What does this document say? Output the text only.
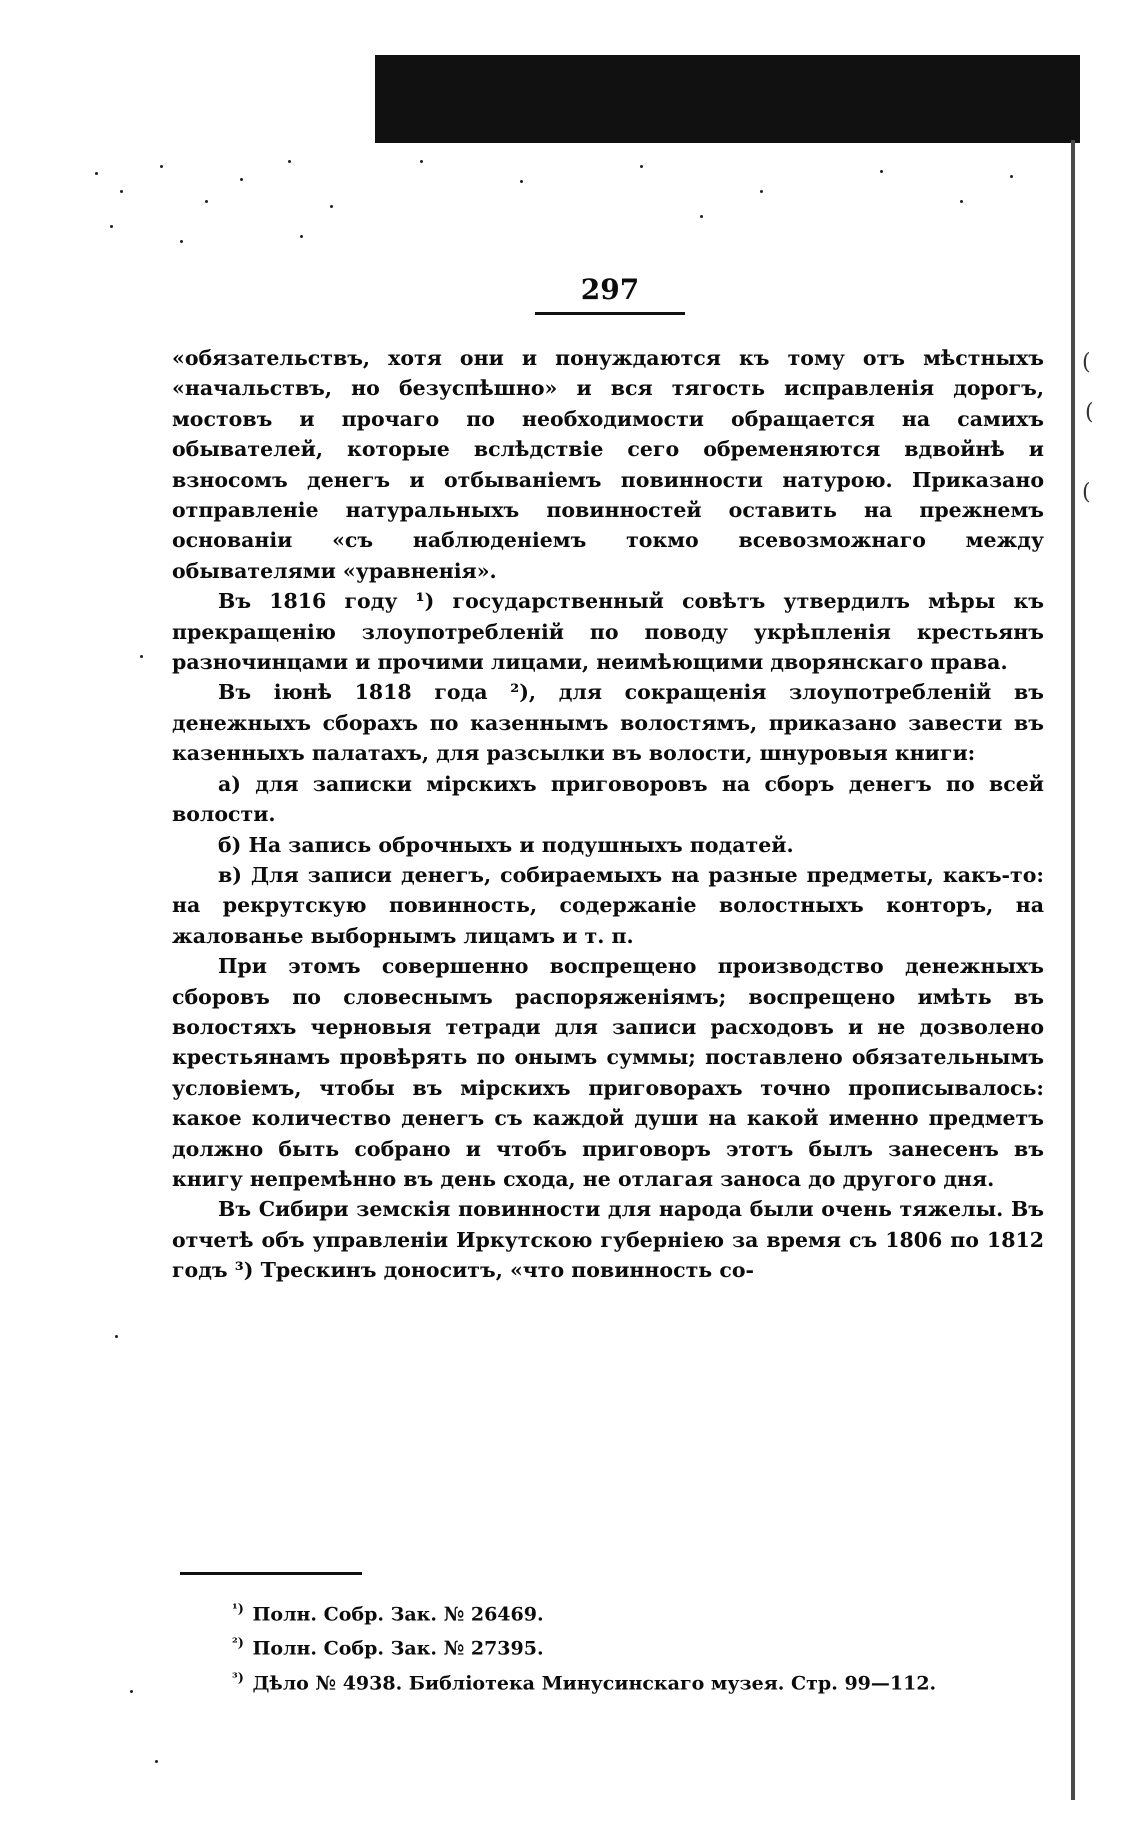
(
(
(
297

«обязательствъ, хотя они и понуждаются къ тому отъ мѣстныхъ «начальствъ, но безуспѣшно» и вся тягость исправленія дорогъ, мостовъ и прочаго по необходимости обращается на самихъ обывателей, которые вслѣдствіе сего обременяются вдвойнѣ и взносомъ денегъ и отбываніемъ повинности натурою. Приказано отправленіе натуральныхъ повинностей оставить на прежнемъ основаніи «съ наблюденіемъ токмо всевозможнаго между обывателями «уравненія».

Въ 1816 году ¹) государственный совѣтъ утвердилъ мѣры къ прекращенію злоупотребленій по поводу укрѣпленія крестьянъ разночинцами и прочими лицами, неимѣющими дворянскаго права.

Въ іюнѣ 1818 года ²), для сокращенія злоупотребленій въ денежныхъ сборахъ по казеннымъ волостямъ, приказано завести въ казенныхъ палатахъ, для разсылки въ волости, шнуровыя книги:

а) для записки мірскихъ приговоровъ на сборъ денегъ по всей волости.

б) На запись оброчныхъ и подушныхъ податей.

в) Для записи денегъ, собираемыхъ на разные предметы, какъ-то: на рекрутскую повинность, содержаніе волостныхъ конторъ, на жалованье выборнымъ лицамъ и т. п.

При этомъ совершенно воспрещено производство денежныхъ сборовъ по словеснымъ распоряженіямъ; воспрещено имѣть въ волостяхъ черновыя тетради для записи расходовъ и не дозволено крестьянамъ провѣрять по онымъ суммы; поставлено обязательнымъ условіемъ, чтобы въ мірскихъ приговорахъ точно прописывалось: какое количество денегъ съ каждой души на какой именно предметъ должно быть собрано и чтобъ приговоръ этотъ былъ занесенъ въ книгу непремѣнно въ день схода, не отлагая заноса до другого дня.

Въ Сибири земскія повинности для народа были очень тяжелы. Въ отчетѣ объ управленіи Иркутскою губерніею за время съ 1806 по 1812 годъ ³) Трескинъ доноситъ, «что повинность со-

$^{^1)}$ Полн. Собр. Зак. № 26469.
$^{^2)}$ Полн. Собр. Зак. № 27395.
$^{^3)}$ Дѣло № 4938. Библіотека Минусинскаго музея. Стр. 99—112.
